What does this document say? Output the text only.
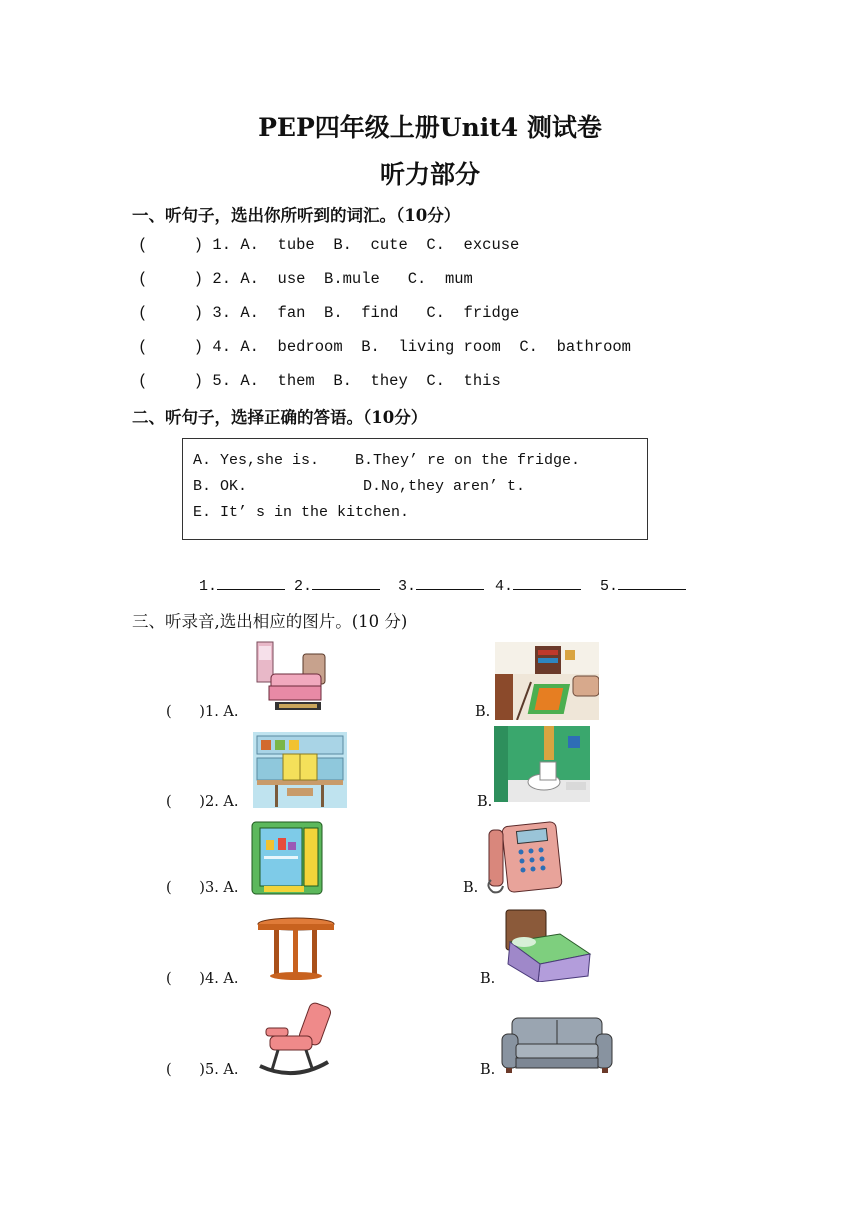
PEP四年级上册Unit4 测试卷
听力部分
一、听句子，选出你所听到的词汇。（10分）
(     ) 1. A.  tube  B.  cute  C.  excuse
(     ) 2. A.  use  B.mule   C.  mum
(     ) 3. A.  fan  B.  find   C.  fridge
(     ) 4. A.  bedroom  B.  living room  C.  bathroom
(     ) 5. A.  them  B.  they  C.  this
二、听句子，选择正确的答语。（10分）
A. Yes,she is. B.They’ re on the fridge.
B. OK.	D.No,they aren’ t.
E. It’ s in the kitchen.
1.	2.	3.	4.	5.
三、听录音,选出相应的图片。(10 分)
(      )1. A.	B.
(      )2. A.	B.
(      )3. A.	B.
(      )4. A.	B.
(      )5. A.	B.
